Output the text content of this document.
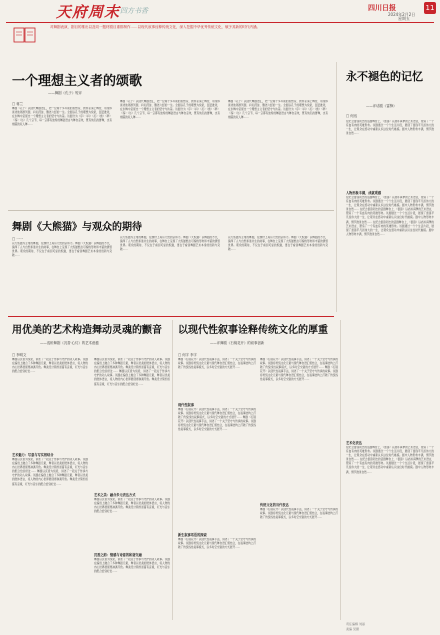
天府周末 四方书香	四川日报	11
2024年2月2日
星期五
对舞剧表演，剧目的推出以及同一题材剧目重排制作……以现代叙事诠释传统文化，深入挖掘中华优秀传统文化，赋予其新的时代内涵。
一个理想主义者的颂歌
——舞剧《孔子》短评
□ 蒋兰
舞剧《孔子》以现代舞剧语汇，把一位两千多年前的思想家、教育家请上舞台，用身体讲述他周游列国、问礼授徒、删述六经的一生。全剧以孔子的理想为线索，层层推进，在乐舞中呈现出一个理想主义者的坚守与执着。该剧分为《序》《问》《厄》《绝》《梦》《殇》《乐》几个章节，每一章都有独特的舞蹈语言与舞台意象，既有恢弘的群舞，也有细腻的双人舞……
舞剧《孔子》以现代舞剧语汇，把一位两千多年前的思想家、教育家请上舞台，用身体讲述他周游列国、问礼授徒、删述六经的一生。全剧以孔子的理想为线索，层层推进，在乐舞中呈现出一个理想主义者的坚守与执着。该剧分为《序》《问》《厄》《绝》《梦》《殇》《乐》几个章节，每一章都有独特的舞蹈语言与舞台意象，既有恢弘的群舞，也有细腻的双人舞……
舞剧《孔子》以现代舞剧语汇，把一位两千多年前的思想家、教育家请上舞台，用身体讲述他周游列国、问礼授徒、删述六经的一生。全剧以孔子的理想为线索，层层推进，在乐舞中呈现出一个理想主义者的坚守与执着。该剧分为《序》《问》《厄》《绝》《梦》《殇》《乐》几个章节，每一章都有独特的舞蹈语言与舞台意象，既有恢弘的群舞，也有细腻的双人舞……
舞剧《大熊猫》与观众的期待
□ 一一
以大熊猫为主角的舞剧，在题材上具有天然的亲和力。舞剧《大熊猫》以舞蹈的方式，演绎了人与自然和谐共生的故事，在舞台上呈现了大熊猫憨态可掬的形象和丰富的情感世界。观众的期待，不仅在于看到可爱的熊猫，更在于看到舞剧艺术本身的创新与突破……
以大熊猫为主角的舞剧，在题材上具有天然的亲和力。舞剧《大熊猫》以舞蹈的方式，演绎了人与自然和谐共生的故事，在舞台上呈现了大熊猫憨态可掬的形象和丰富的情感世界。观众的期待，不仅在于看到可爱的熊猫，更在于看到舞剧艺术本身的创新与突破……
以大熊猫为主角的舞剧，在题材上具有天然的亲和力。舞剧《大熊猫》以舞蹈的方式，演绎了人与自然和谐共生的故事，在舞台上呈现了大熊猫憨态可掬的形象和丰富的情感世界。观众的期待，不仅在于看到可爱的熊猫，更在于看到舞剧艺术本身的创新与突破……
永不褪色的记忆
——评话剧《雷锋》
□ 何迅
在纪念雷锋同志的话剧舞台上，《雷锋》以质朴真挚的艺术语言，塑造了一个有血有肉的英雄形象。该剧通过一个个生活片段，展现了雷锋平凡而伟大的一生，让观众在感动中重新认识这位时代楷模。剧中人物形象丰满，情节推进自然……
人物形象丰满，成就观感
在纪念雷锋同志的话剧舞台上，《雷锋》以质朴真挚的艺术语言，塑造了一个有血有肉的英雄形象。该剧通过一个个生活片段，展现了雷锋平凡而伟大的一生，让观众在感动中重新认识这位时代楷模。剧中人物形象丰满，情节推进自然…… 在纪念雷锋同志的话剧舞台上，《雷锋》以质朴真挚的艺术语言，塑造了一个有血有肉的英雄形象。该剧通过一个个生活片段，展现了雷锋平凡而伟大的一生，让观众在感动中重新认识这位时代楷模。剧中人物形象丰满，情节推进自然…… 在纪念雷锋同志的话剧舞台上，《雷锋》以质朴真挚的艺术语言，塑造了一个有血有肉的英雄形象。该剧通过一个个生活片段，展现了雷锋平凡而伟大的一生，让观众在感动中重新认识这位时代楷模。剧中人物形象丰满，情节推进自然……
艺术化表达
在纪念雷锋同志的话剧舞台上，《雷锋》以质朴真挚的艺术语言，塑造了一个有血有肉的英雄形象。该剧通过一个个生活片段，展现了雷锋平凡而伟大的一生，让观众在感动中重新认识这位时代楷模。剧中人物形象丰满，情节推进自然…… 在纪念雷锋同志的话剧舞台上，《雷锋》以质朴真挚的艺术语言，塑造了一个有血有肉的英雄形象。该剧通过一个个生活片段，展现了雷锋平凡而伟大的一生，让观众在感动中重新认识这位时代楷模。剧中人物形象丰满，情节推进自然……
用优美的艺术构造舞动灵魂的颤音
——浅析舞剧《沉香·心灯》的艺术意蕴
□ 李明文
舞剧以沉香为线索，讲述了一段关于传承与守护的动人故事。该剧在编创上融合了多种舞蹈元素，舞者以优美的肢体语言，将人物的内心世界展现得淋漓尽致。舞美设计简约而富有意境，灯光与音乐的配合恰到好处……
艺术魅力：写意与写实相结合
舞剧以沉香为线索，讲述了一段关于传承与守护的动人故事。该剧在编创上融合了多种舞蹈元素，舞者以优美的肢体语言，将人物的内心世界展现得淋漓尽致。舞美设计简约而富有意境，灯光与音乐的配合恰到好处…… 舞剧以沉香为线索，讲述了一段关于传承与守护的动人故事。该剧在编创上融合了多种舞蹈元素，舞者以优美的肢体语言，将人物的内心世界展现得淋漓尽致。舞美设计简约而富有意境，灯光与音乐的配合恰到好处……
舞剧以沉香为线索，讲述了一段关于传承与守护的动人故事。该剧在编创上融合了多种舞蹈元素，舞者以优美的肢体语言，将人物的内心世界展现得淋漓尽致。舞美设计简约而富有意境，灯光与音乐的配合恰到好处…… 舞剧以沉香为线索，讲述了一段关于传承与守护的动人故事。该剧在编创上融合了多种舞蹈元素，舞者以优美的肢体语言，将人物的内心世界展现得淋漓尽致。舞美设计简约而富有意境，灯光与音乐的配合恰到好处……
艺术之美：融合多元表达方式
舞剧以沉香为线索，讲述了一段关于传承与守护的动人故事。该剧在编创上融合了多种舞蹈元素，舞者以优美的肢体语言，将人物的内心世界展现得淋漓尽致。舞美设计简约而富有意境，灯光与音乐的配合恰到好处……
沉香之韵：情感与诗意的和谐交融
舞剧以沉香为线索，讲述了一段关于传承与守护的动人故事。该剧在编创上融合了多种舞蹈元素，舞者以优美的肢体语言，将人物的内心世界展现得淋漓尽致。舞美设计简约而富有意境，灯光与音乐的配合恰到好处……
以现代性叙事诠释传统文化的厚重
——评舞剧《石镜花开》的叙事创新
□ 何宇 李宇
舞剧《石镜花开》以现代性叙事手法，讲述了一个关于坚守与传承的故事。该剧将传统文化元素与现代舞台语汇相结合，在叙事结构上打破了传统线性叙事模式，以多时空交错的方式展开……
现代性叙事
舞剧《石镜花开》以现代性叙事手法，讲述了一个关于坚守与传承的故事。该剧将传统文化元素与现代舞台语汇相结合，在叙事结构上打破了传统线性叙事模式，以多时空交错的方式展开…… 舞剧《石镜花开》以现代性叙事手法，讲述了一个关于坚守与传承的故事。该剧将传统文化元素与现代舞台语汇相结合，在叙事结构上打破了传统线性叙事模式，以多时空交错的方式展开……
新生叙事话语的探索
舞剧《石镜花开》以现代性叙事手法，讲述了一个关于坚守与传承的故事。该剧将传统文化元素与现代舞台语汇相结合，在叙事结构上打破了传统线性叙事模式，以多时空交错的方式展开……
舞剧《石镜花开》以现代性叙事手法，讲述了一个关于坚守与传承的故事。该剧将传统文化元素与现代舞台语汇相结合，在叙事结构上打破了传统线性叙事模式，以多时空交错的方式展开…… 舞剧《石镜花开》以现代性叙事手法，讲述了一个关于坚守与传承的故事。该剧将传统文化元素与现代舞台语汇相结合，在叙事结构上打破了传统线性叙事模式，以多时空交错的方式展开……
传统文化的当代表达
舞剧《石镜花开》以现代性叙事手法，讲述了一个关于坚守与传承的故事。该剧将传统文化元素与现代舞台语汇相结合，在叙事结构上打破了传统线性叙事模式，以多时空交错的方式展开……
责任编辑 刘丽
美编 吴薇
